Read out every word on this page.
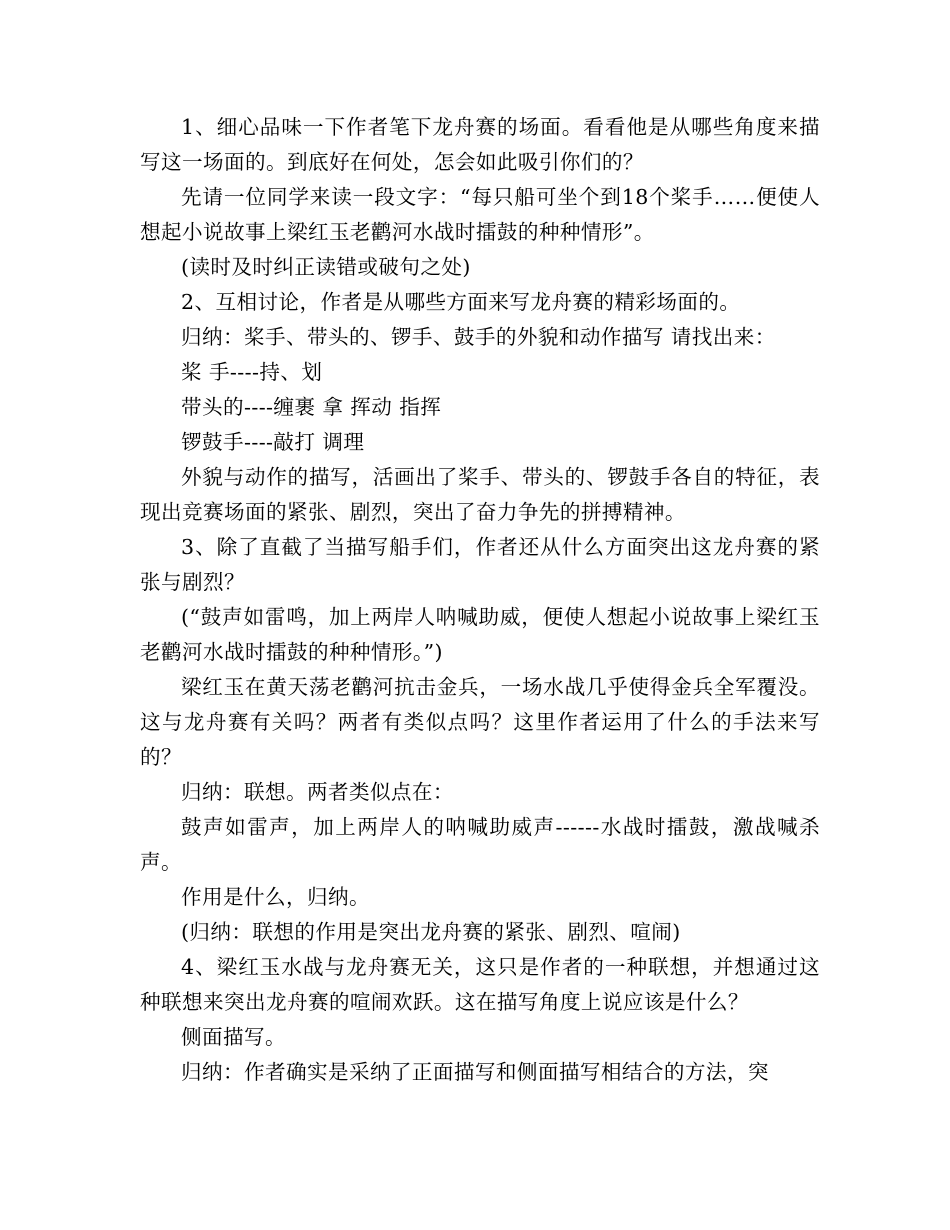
1、细心品味一下作者笔下龙舟赛的场面。看看他是从哪些角度来描写这一场面的。到底好在何处，怎会如此吸引你们的？

先请一位同学来读一段文字：“每只船可坐个到18个桨手……便使人想起小说故事上梁红玉老鹳河水战时擂鼓的种种情形”。

(读时及时纠正读错或破句之处)

2、互相讨论，作者是从哪些方面来写龙舟赛的精彩场面的。

归纳：桨手、带头的、锣手、鼓手的外貌和动作描写 请找出来：

桨 手----持、划

带头的----缠裹 拿 挥动 指挥

锣鼓手----敲打 调理

外貌与动作的描写，活画出了桨手、带头的、锣鼓手各自的特征，表现出竞赛场面的紧张、剧烈，突出了奋力争先的拼搏精神。

3、除了直截了当描写船手们，作者还从什么方面突出这龙舟赛的紧张与剧烈？

(“鼓声如雷鸣，加上两岸人呐喊助威，便使人想起小说故事上梁红玉老鹳河水战时擂鼓的种种情形。”)

梁红玉在黄天荡老鹳河抗击金兵，一场水战几乎使得金兵全军覆没。这与龙舟赛有关吗？两者有类似点吗？这里作者运用了什么的手法来写的？

归纳：联想。两者类似点在：

鼓声如雷声，加上两岸人的呐喊助威声------水战时擂鼓，激战喊杀声。

作用是什么，归纳。

(归纳：联想的作用是突出龙舟赛的紧张、剧烈、喧闹)

4、梁红玉水战与龙舟赛无关，这只是作者的一种联想，并想通过这种联想来突出龙舟赛的喧闹欢跃。这在描写角度上说应该是什么？

侧面描写。

归纳：作者确实是采纳了正面描写和侧面描写相结合的方法，突
